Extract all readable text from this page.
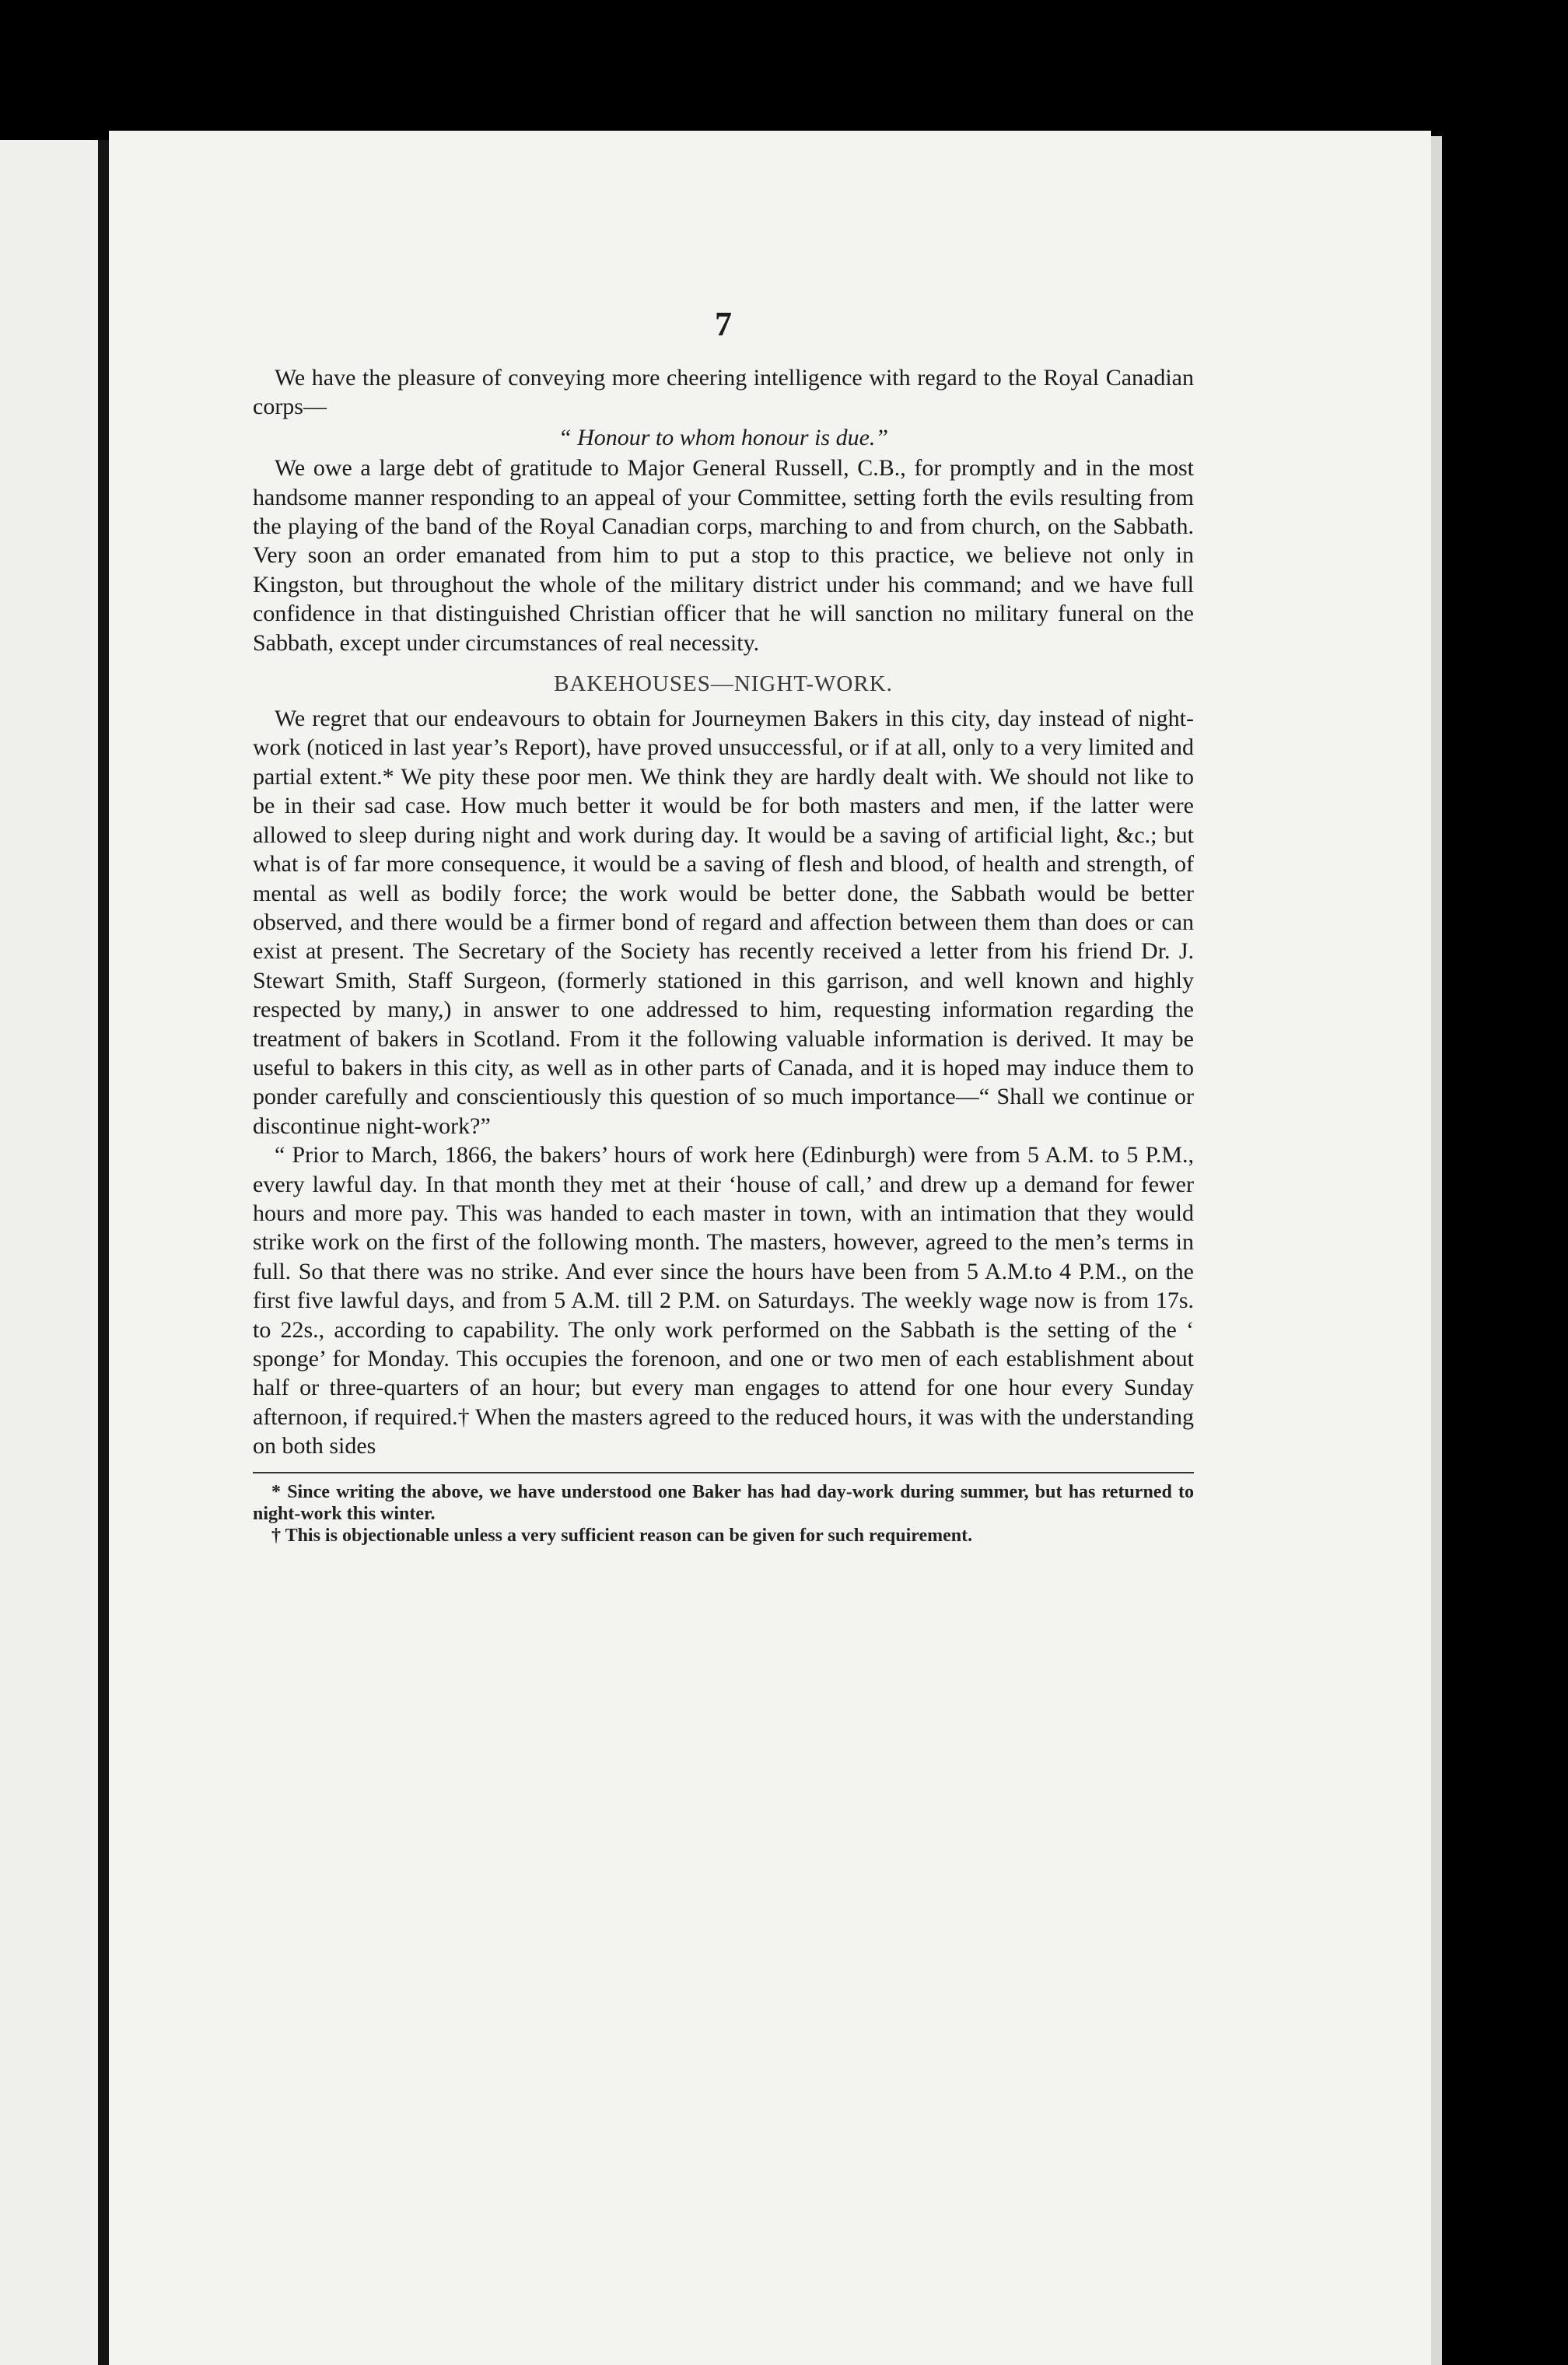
7

We have the pleasure of conveying more cheering intelligence with regard to the Royal Canadian corps—

“ Honour to whom honour is due.”

We owe a large debt of gratitude to Major General Russell, C.B., for promptly and in the most handsome manner responding to an appeal of your Committee, setting forth the evils resulting from the playing of the band of the Royal Canadian corps, marching to and from church, on the Sabbath. Very soon an order emanated from him to put a stop to this practice, we believe not only in Kingston, but throughout the whole of the military district under his command; and we have full confidence in that distinguished Christian officer that he will sanction no military funeral on the Sabbath, except under circumstances of real necessity.

BAKEHOUSES—NIGHT-WORK.

We regret that our endeavours to obtain for Journeymen Bakers in this city, day instead of night-work (noticed in last year’s Report), have proved unsuccessful, or if at all, only to a very limited and partial extent.* We pity these poor men. We think they are hardly dealt with. We should not like to be in their sad case. How much better it would be for both masters and men, if the latter were allowed to sleep during night and work during day. It would be a saving of artificial light, &c.; but what is of far more consequence, it would be a saving of flesh and blood, of health and strength, of mental as well as bodily force; the work would be better done, the Sabbath would be better observed, and there would be a firmer bond of regard and affection between them than does or can exist at present. The Secretary of the Society has recently received a letter from his friend Dr. J. Stewart Smith, Staff Surgeon, (formerly stationed in this garrison, and well known and highly respected by many,) in answer to one addressed to him, requesting information regarding the treatment of bakers in Scotland. From it the following valuable information is derived. It may be useful to bakers in this city, as well as in other parts of Canada, and it is hoped may induce them to ponder carefully and conscientiously this question of so much importance—“ Shall we continue or discontinue night-work?”

“ Prior to March, 1866, the bakers’ hours of work here (Edinburgh) were from 5 A.M. to 5 P.M., every lawful day. In that month they met at their ‘house of call,’ and drew up a demand for fewer hours and more pay. This was handed to each master in town, with an intimation that they would strike work on the first of the following month. The masters, however, agreed to the men’s terms in full. So that there was no strike. And ever since the hours have been from 5 A.M.to 4 P.M., on the first five lawful days, and from 5 A.M. till 2 P.M. on Saturdays. The weekly wage now is from 17s. to 22s., according to capability. The only work performed on the Sabbath is the setting of the ‘ sponge’ for Monday. This occupies the forenoon, and one or two men of each establishment about half or three-quarters of an hour; but every man engages to attend for one hour every Sunday afternoon, if required.† When the masters agreed to the reduced hours, it was with the understanding on both sides

* Since writing the above, we have understood one Baker has had day-work during summer, but has returned to night-work this winter.

† This is objectionable unless a very sufficient reason can be given for such requirement.
